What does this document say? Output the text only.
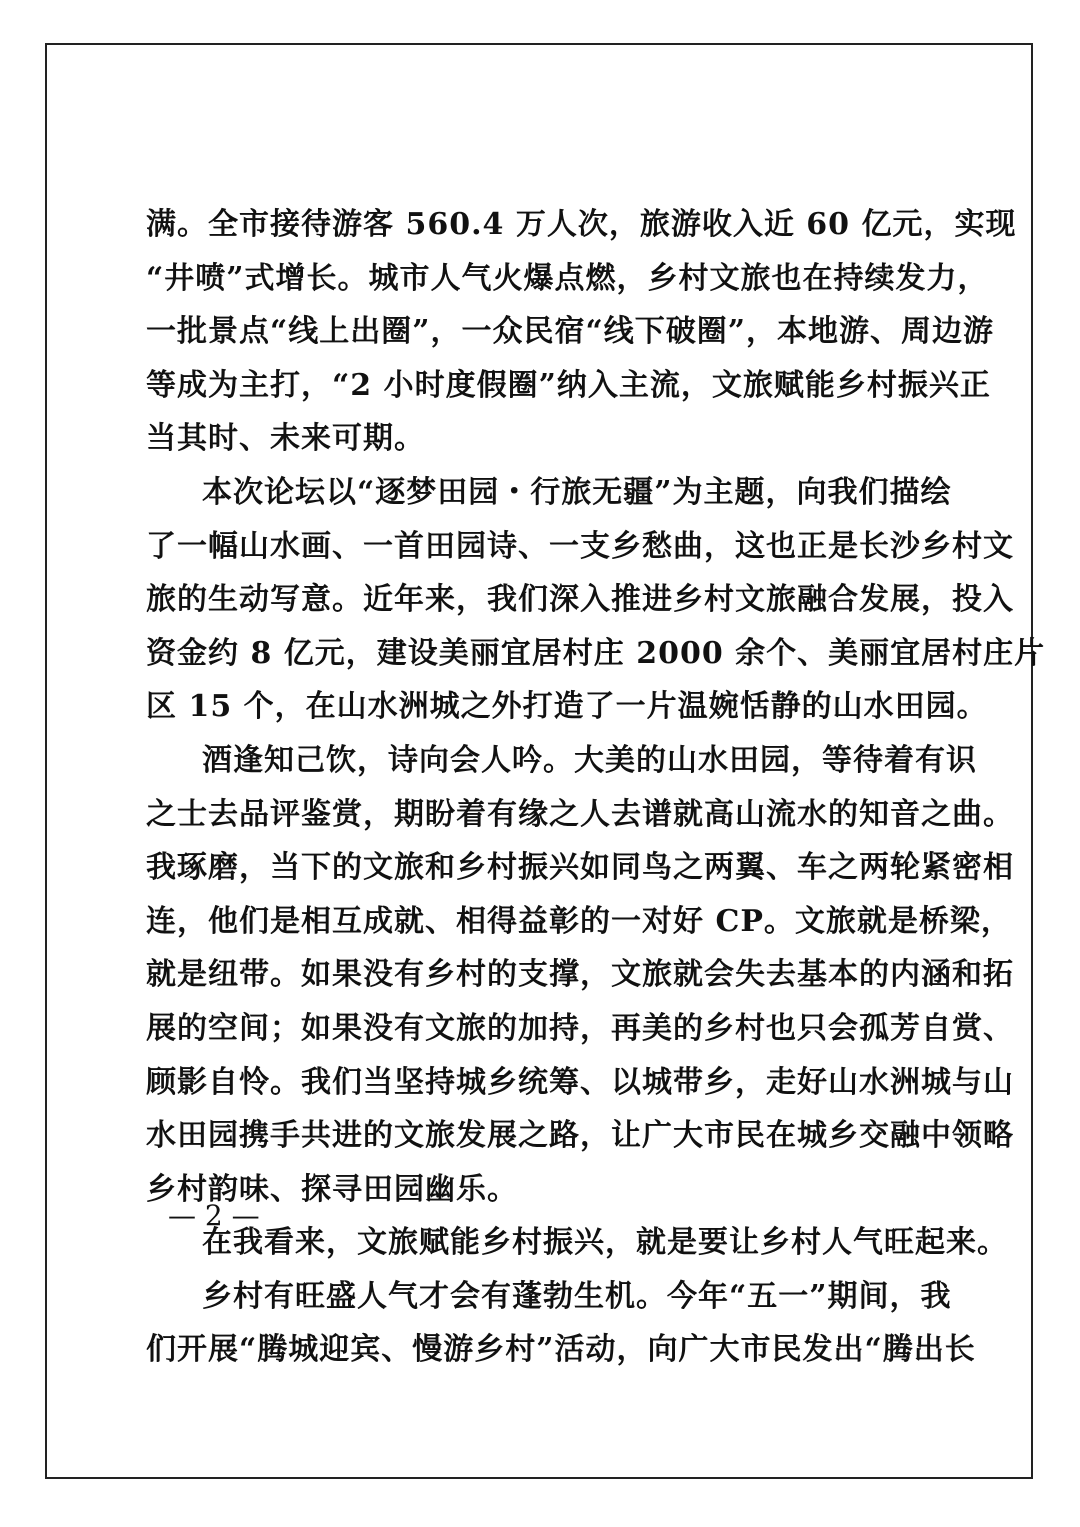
满。全市接待游客 560.4 万人次，旅游收入近 60 亿元，实现
“井喷”式增长。城市人气火爆点燃，乡村文旅也在持续发力，
一批景点“线上出圈”，一众民宿“线下破圈”，本地游、周边游
等成为主打，“2 小时度假圈”纳入主流，文旅赋能乡村振兴正
当其时、未来可期。
本次论坛以“逐梦田园・行旅无疆”为主题，向我们描绘
了一幅山水画、一首田园诗、一支乡愁曲，这也正是长沙乡村文
旅的生动写意。近年来，我们深入推进乡村文旅融合发展，投入
资金约 8 亿元，建设美丽宜居村庄 2000 余个、美丽宜居村庄片
区 15 个，在山水洲城之外打造了一片温婉恬静的山水田园。
酒逢知己饮，诗向会人吟。大美的山水田园，等待着有识
之士去品评鉴赏，期盼着有缘之人去谱就高山流水的知音之曲。
我琢磨，当下的文旅和乡村振兴如同鸟之两翼、车之两轮紧密相
连，他们是相互成就、相得益彰的一对好 CP。文旅就是桥梁，
就是纽带。如果没有乡村的支撑，文旅就会失去基本的内涵和拓
展的空间；如果没有文旅的加持，再美的乡村也只会孤芳自赏、
顾影自怜。我们当坚持城乡统筹、以城带乡，走好山水洲城与山
水田园携手共进的文旅发展之路，让广大市民在城乡交融中领略
乡村韵味、探寻田园幽乐。
在我看来，文旅赋能乡村振兴，就是要让乡村人气旺起来。
乡村有旺盛人气才会有蓬勃生机。今年“五一”期间，我
们开展“腾城迎宾、慢游乡村”活动，向广大市民发出“腾出长
— 2 —
